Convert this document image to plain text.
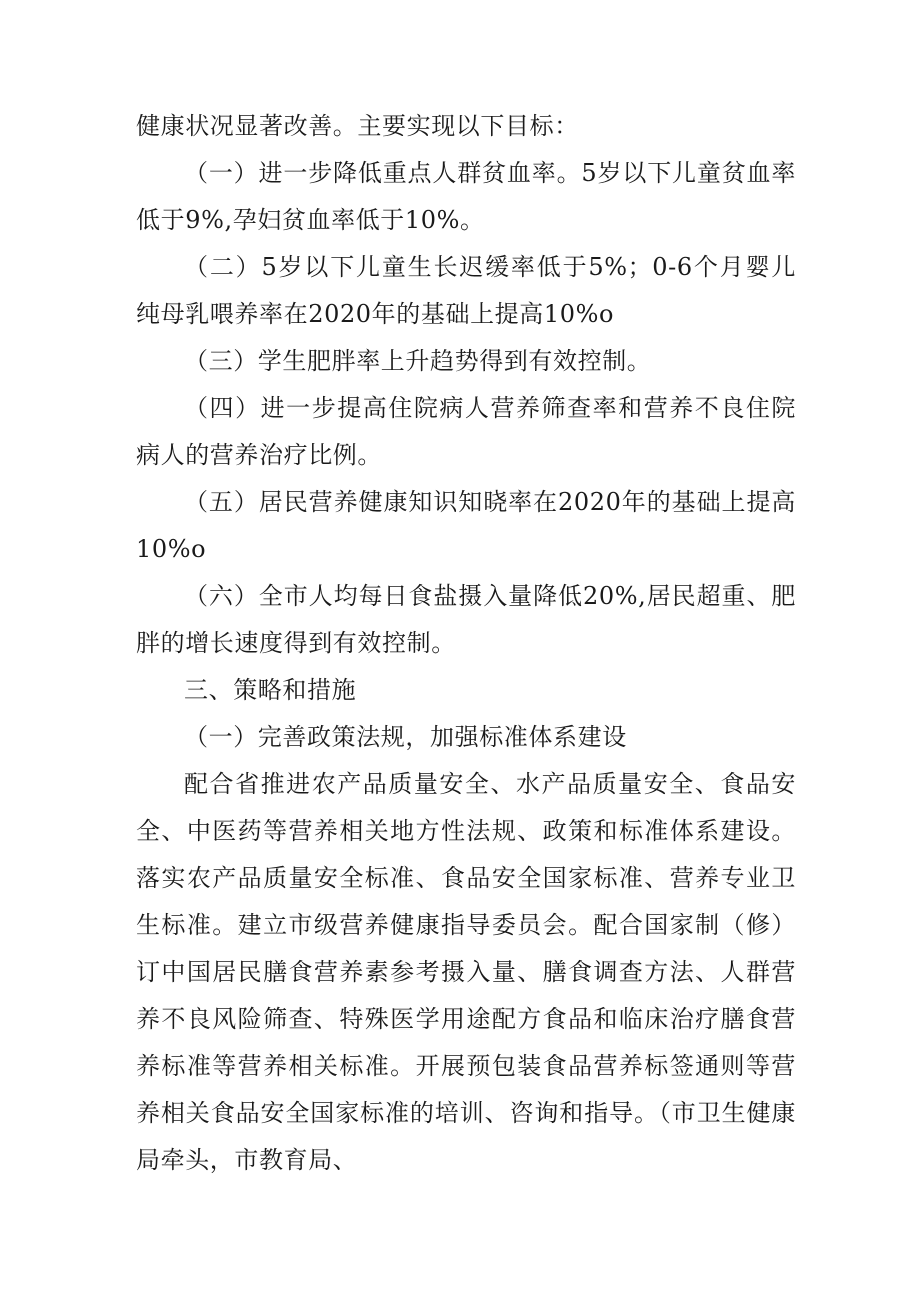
健康状况显著改善。主要实现以下目标：

（一）进一步降低重点人群贫血率。5岁以下儿童贫血率低于9%,孕妇贫血率低于10%。

（二）5岁以下儿童生长迟缓率低于5%；0-6个月婴儿纯母乳喂养率在2020年的基础上提高10%o

（三）学生肥胖率上升趋势得到有效控制。

（四）进一步提高住院病人营养筛查率和营养不良住院病人的营养治疗比例。

（五）居民营养健康知识知晓率在2020年的基础上提高10%o

（六）全市人均每日食盐摄入量降低20%,居民超重、肥胖的增长速度得到有效控制。

三、策略和措施

（一）完善政策法规，加强标准体系建设

配合省推进农产品质量安全、水产品质量安全、食品安全、中医药等营养相关地方性法规、政策和标准体系建设。落实农产品质量安全标准、食品安全国家标准、营养专业卫生标准。建立市级营养健康指导委员会。配合国家制（修）订中国居民膳食营养素参考摄入量、膳食调查方法、人群营养不良风险筛查、特殊医学用途配方食品和临床治疗膳食营养标准等营养相关标准。开展预包装食品营养标签通则等营养相关食品安全国家标准的培训、咨询和指导。（市卫生健康局牵头，市教育局、
